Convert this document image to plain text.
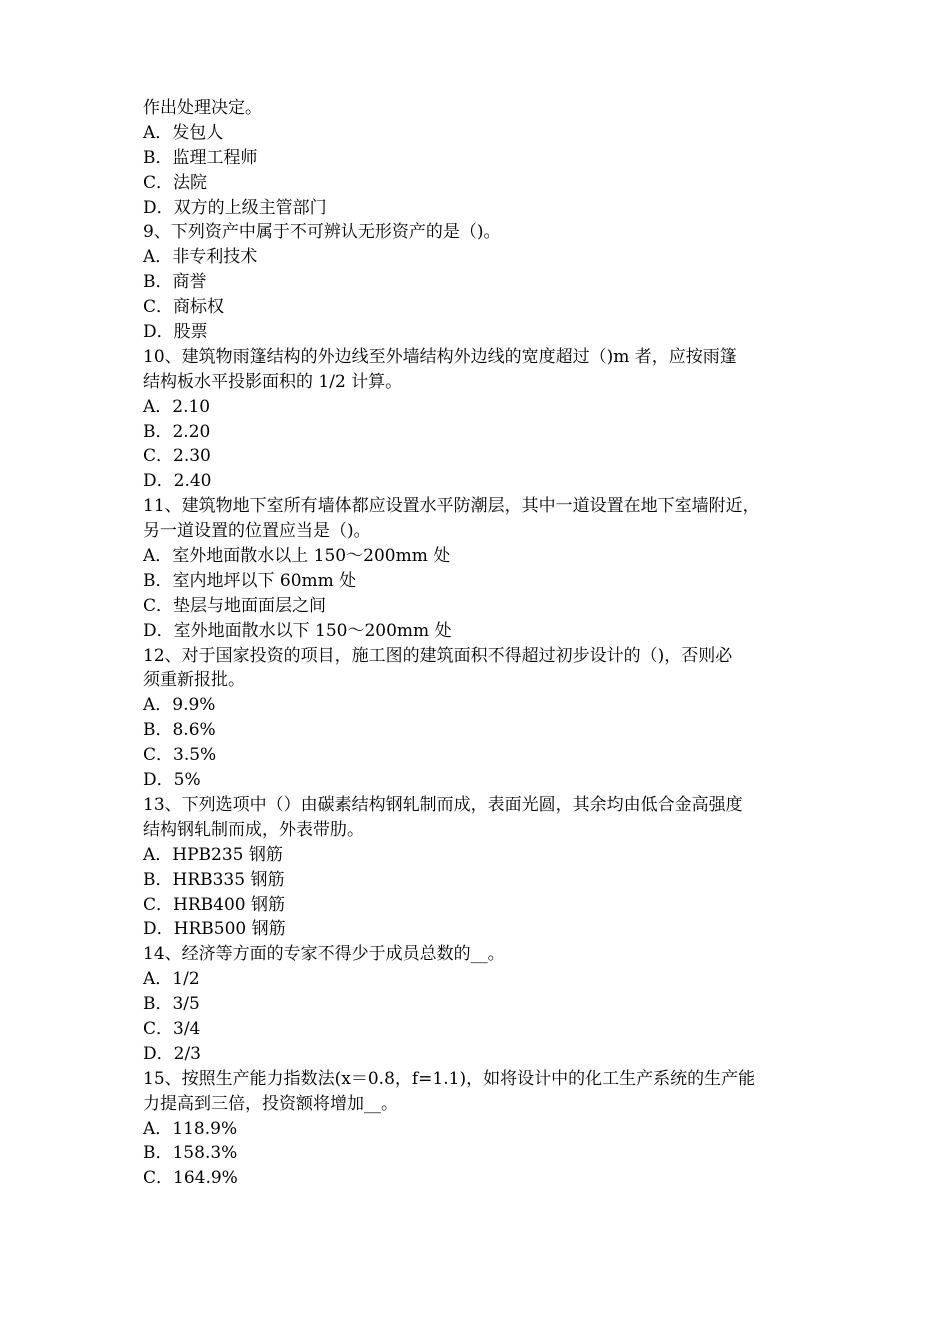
作出处理决定。
A．发包人
B．监理工程师
C．法院
D．双方的上级主管部门
9、下列资产中属于不可辨认无形资产的是（)。
A．非专利技术
B．商誉
C．商标权
D．股票
10、建筑物雨篷结构的外边线至外墙结构外边线的宽度超过（)m 者，应按雨篷
结构板水平投影面积的 1/2 计算。
A．2.10
B．2.20
C．2.30
D．2.40
11、建筑物地下室所有墙体都应设置水平防潮层，其中一道设置在地下室墙附近，
另一道设置的位置应当是（)。
A．室外地面散水以上 150～200mm 处
B．室内地坪以下 60mm 处
C．垫层与地面面层之间
D．室外地面散水以下 150～200mm 处
12、对于国家投资的项目，施工图的建筑面积不得超过初步设计的（)，否则必
须重新报批。
A．9.9%
B．8.6%
C．3.5%
D．5%
13、下列选项中（）由碳素结构钢轧制而成，表面光圆，其余均由低合金高强度
结构钢轧制而成，外表带肋。
A．HPB235 钢筋
B．HRB335 钢筋
C．HRB400 钢筋
D．HRB500 钢筋
14、经济等方面的专家不得少于成员总数的__。
A．1/2
B．3/5
C．3/4
D．2/3
15、按照生产能力指数法(x＝0.8，f=1.1)，如将设计中的化工生产系统的生产能
力提高到三倍，投资额将增加__。
A．118.9%
B．158.3%
C．164.9%
